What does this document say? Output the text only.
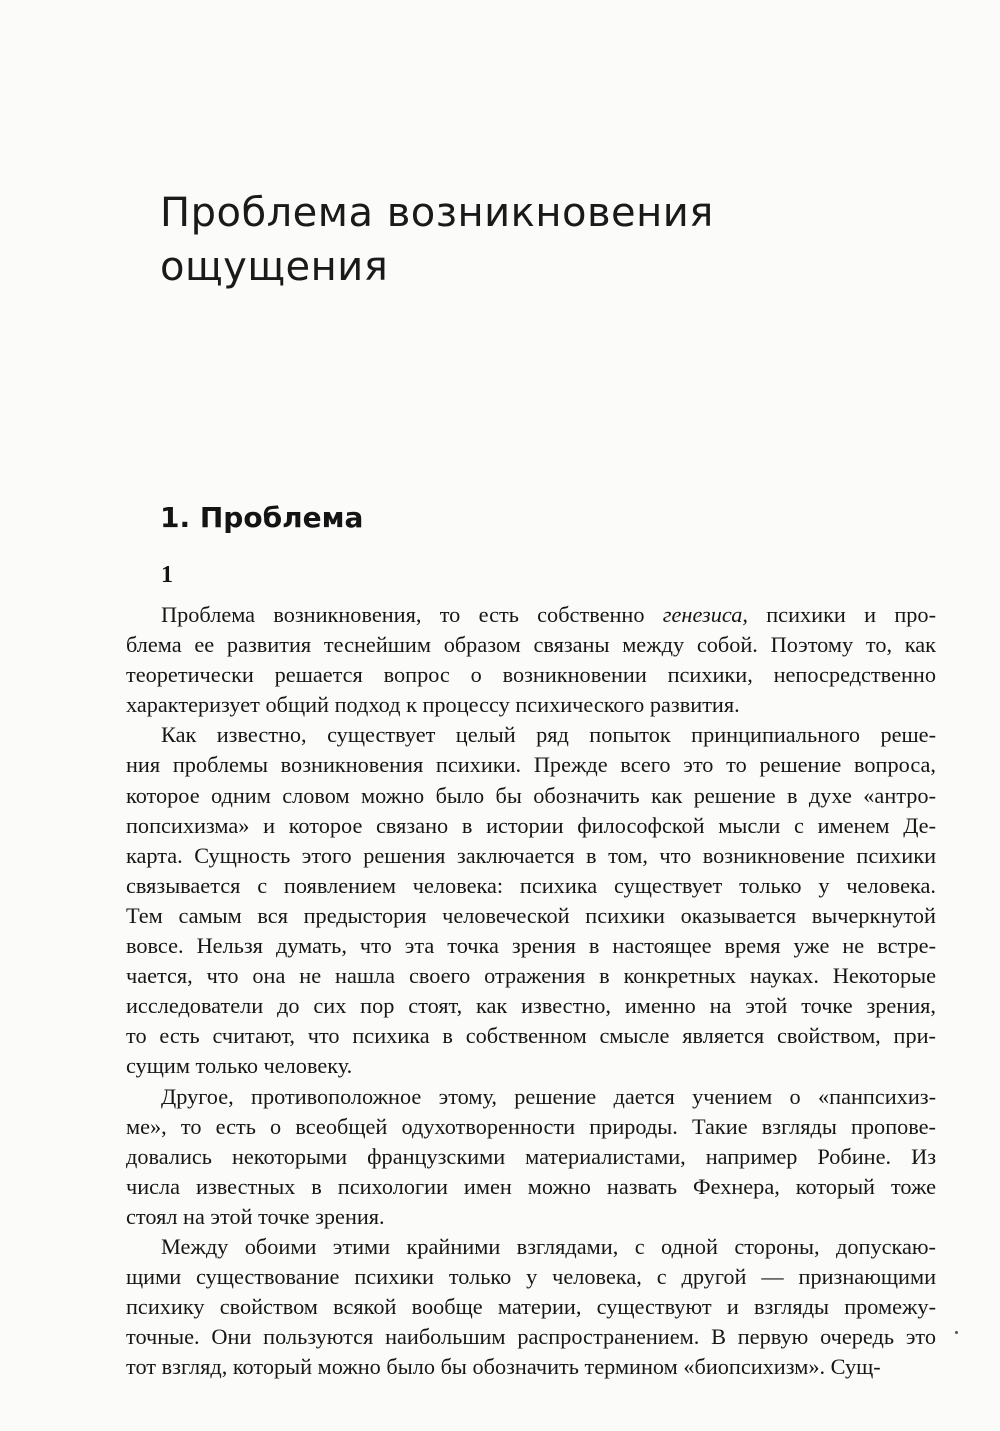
Проблема возникновения
ощущения
1. Проблема
1
Проблема возникновения, то есть собственно генезиса, психики и про-
блема ее развития теснейшим образом связаны между собой. Поэтому то, как
теоретически решается вопрос о возникновении психики, непосредственно
характеризует общий подход к процессу психического развития.
Как известно, существует целый ряд попыток принципиального реше-
ния проблемы возникновения психики. Прежде всего это то решение вопроса,
которое одним словом можно было бы обозначить как решение в духе «антро-
попсихизма» и которое связано в истории философской мысли с именем Де-
карта. Сущность этого решения заключается в том, что возникновение психики
связывается с появлением человека: психика существует только у человека.
Тем самым вся предыстория человеческой психики оказывается вычеркнутой
вовсе. Нельзя думать, что эта точка зрения в настоящее время уже не встре-
чается, что она не нашла своего отражения в конкретных науках. Некоторые
исследователи до сих пор стоят, как известно, именно на этой точке зрения,
то есть считают, что психика в собственном смысле является свойством, при-
сущим только человеку.
Другое, противоположное этому, решение дается учением о «панпсихиз-
ме», то есть о всеобщей одухотворенности природы. Такие взгляды пропове-
довались некоторыми французскими материалистами, например Робине. Из
числа известных в психологии имен можно назвать Фехнера, который тоже
стоял на этой точке зрения.
Между обоими этими крайними взглядами, с одной стороны, допускаю-
щими существование психики только у человека, с другой — признающими
психику свойством всякой вообще материи, существуют и взгляды промежу-
точные. Они пользуются наибольшим распространением. В первую очередь это
тот взгляд, который можно было бы обозначить термином «биопсихизм». Сущ-
